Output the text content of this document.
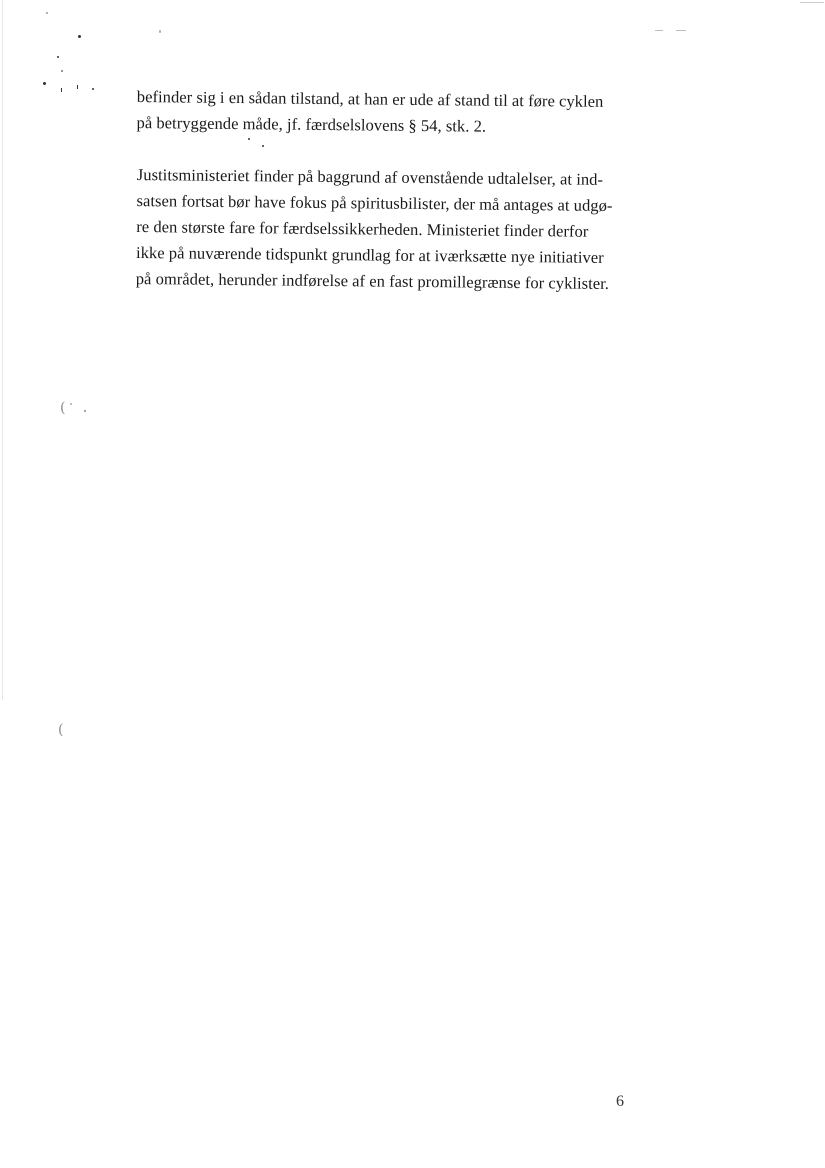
(
(

befinder sig i en sådan tilstand, at han er ude af stand til at føre cyklen
på betryggende måde, jf. færdselslovens § 54, stk. 2.

Justitsministeriet finder på baggrund af ovenstående udtalelser, at ind-
satsen fortsat bør have fokus på spiritusbilister, der må antages at udgø-
re den største fare for færdselssikkerheden. Ministeriet finder derfor
ikke på nuværende tidspunkt grundlag for at iværksætte nye initiativer
på området, herunder indførelse af en fast promillegrænse for cyklister.

6
